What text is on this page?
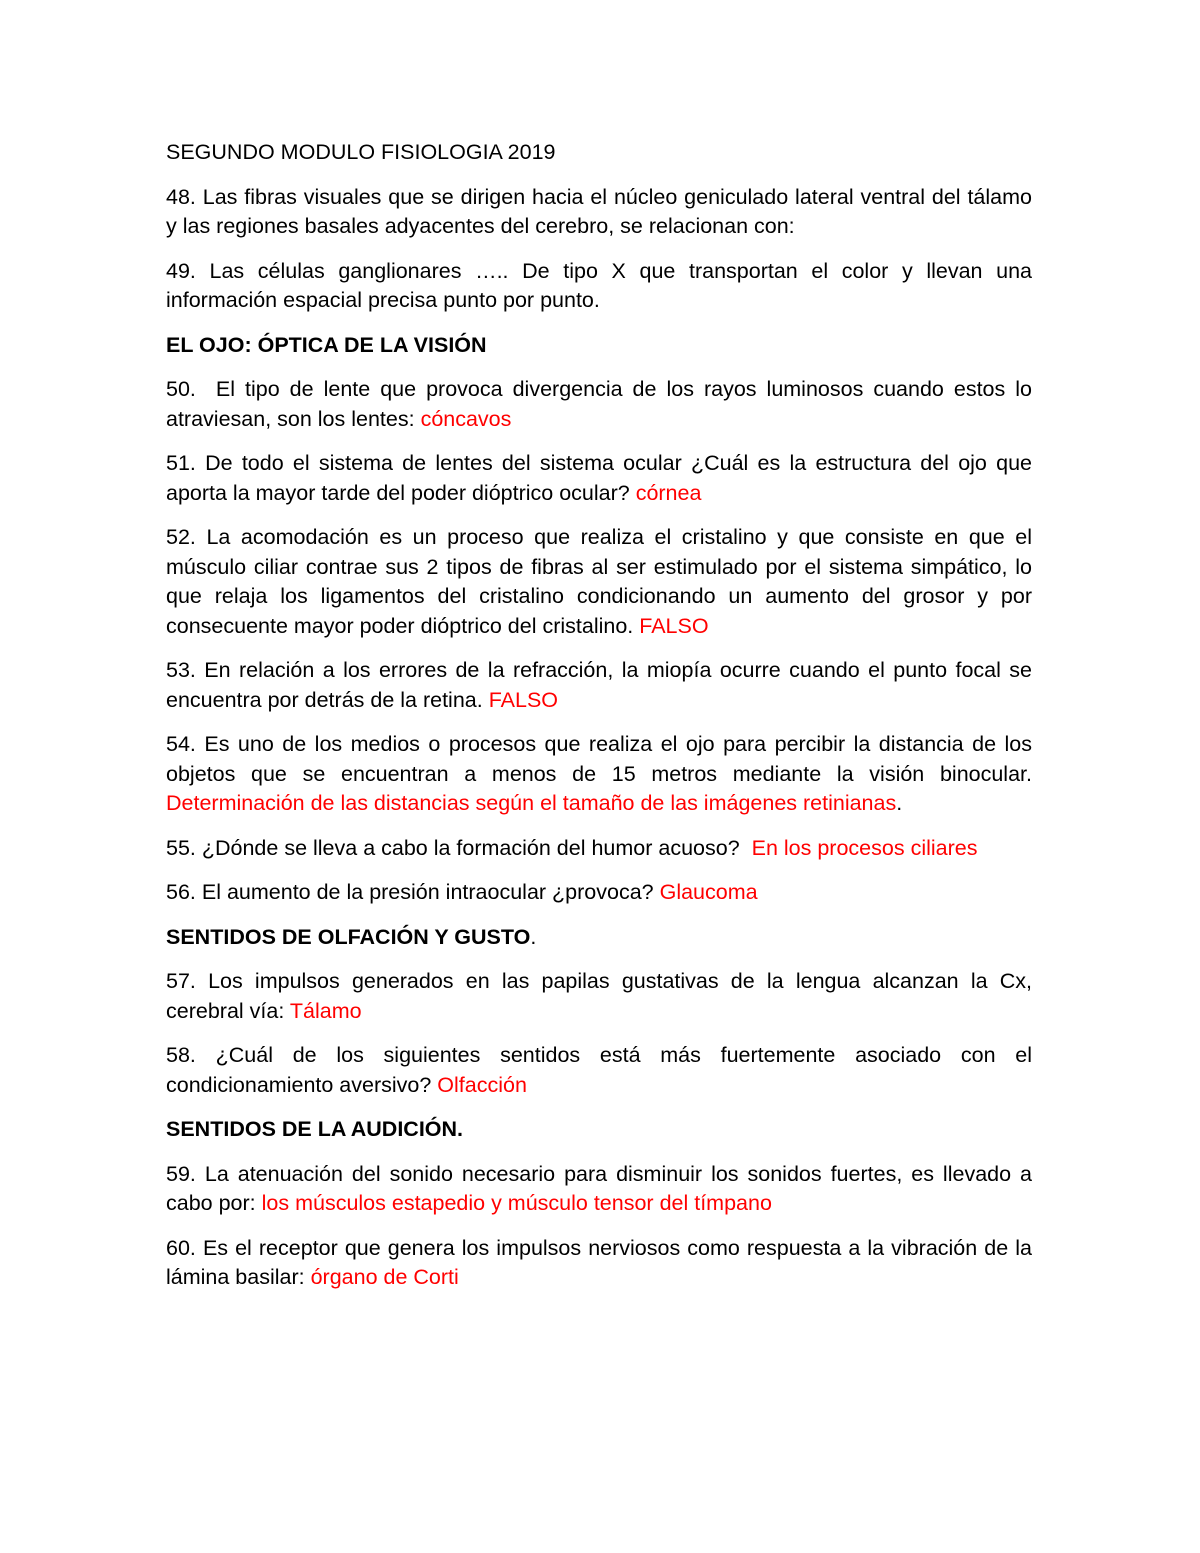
SEGUNDO MODULO FISIOLOGIA 2019
48. Las fibras visuales que se dirigen hacia el núcleo geniculado lateral ventral del tálamo y las regiones basales adyacentes del cerebro, se relacionan con:
49. Las células ganglionares ….. De tipo X que transportan el color y llevan una información espacial precisa punto por punto.
EL OJO: ÓPTICA DE LA VISIÓN
50.  El tipo de lente que provoca divergencia de los rayos luminosos cuando estos lo atraviesan, son los lentes: cóncavos
51. De todo el sistema de lentes del sistema ocular ¿Cuál es la estructura del ojo que aporta la mayor tarde del poder dióptrico ocular? córnea
52. La acomodación es un proceso que realiza el cristalino y que consiste en que el músculo ciliar contrae sus 2 tipos de fibras al ser estimulado por el sistema simpático, lo que relaja los ligamentos del cristalino condicionando un aumento del grosor y por consecuente mayor poder dióptrico del cristalino. FALSO
53. En relación a los errores de la refracción, la miopía ocurre cuando el punto focal se encuentra por detrás de la retina. FALSO
54. Es uno de los medios o procesos que realiza el ojo para percibir la distancia de los objetos que se encuentran a menos de 15 metros mediante la visión binocular. Determinación de las distancias según el tamaño de las imágenes retinianas.
55. ¿Dónde se lleva a cabo la formación del humor acuoso?  En los procesos ciliares
56. El aumento de la presión intraocular ¿provoca? Glaucoma
SENTIDOS DE OLFACIÓN Y GUSTO.
57. Los impulsos generados en las papilas gustativas de la lengua alcanzan la Cx, cerebral vía: Tálamo
58. ¿Cuál de los siguientes sentidos está más fuertemente asociado con el condicionamiento aversivo? Olfacción
SENTIDOS DE LA AUDICIÓN.
59. La atenuación del sonido necesario para disminuir los sonidos fuertes, es llevado a cabo por: los músculos estapedio y músculo tensor del tímpano
60. Es el receptor que genera los impulsos nerviosos como respuesta a la vibración de la lámina basilar: órgano de Corti
